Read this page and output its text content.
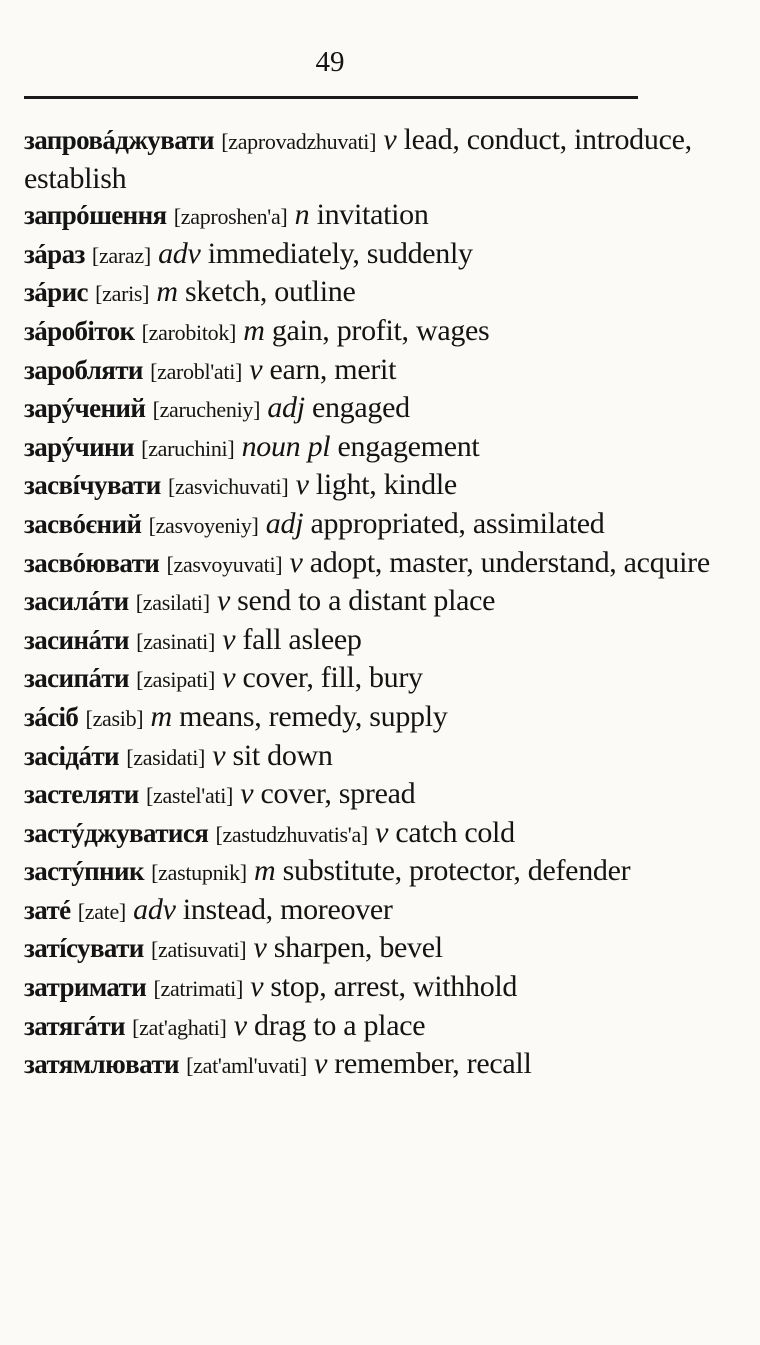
49
запровáджувати [zaprovadzhuvati] v lead, conduct, introduce, establish
запрóшення [zaproshen'a] n invitation
зáраз [zaraz] adv immediately, suddenly
зáрис [zaris] m sketch, outline
зáробіток [zarobitok] m gain, profit, wages
заробляти [zarobl'ati] v earn, merit
зарýчений [zarucheniy] adj engaged
зарýчини [zaruchini] noun pl engagement
засвíчувати [zasvichuvati] v light, kindle
засвóєний [zasvoyeniy] adj appropriated, assimilated
засвóювати [zasvoyuvati] v adopt, master, understand, acquire
засилáти [zasilati] v send to a distant place
засинáти [zasinati] v fall asleep
засипáти [zasipati] v cover, fill, bury
зáсіб [zasib] m means, remedy, supply
засідáти [zasidati] v sit down
застеляти [zastel'ati] v cover, spread
застýджуватися [zastudzhuvatis'a] v catch cold
застýпник [zastupnik] m substitute, protector, defender
затé [zate] adv instead, moreover
затíсувати [zatisuvati] v sharpen, bevel
затримати [zatrimati] v stop, arrest, withhold
затягáти [zat'aghati] v drag to a place
затямлювати [zat'aml'uvati] v remember, recall
